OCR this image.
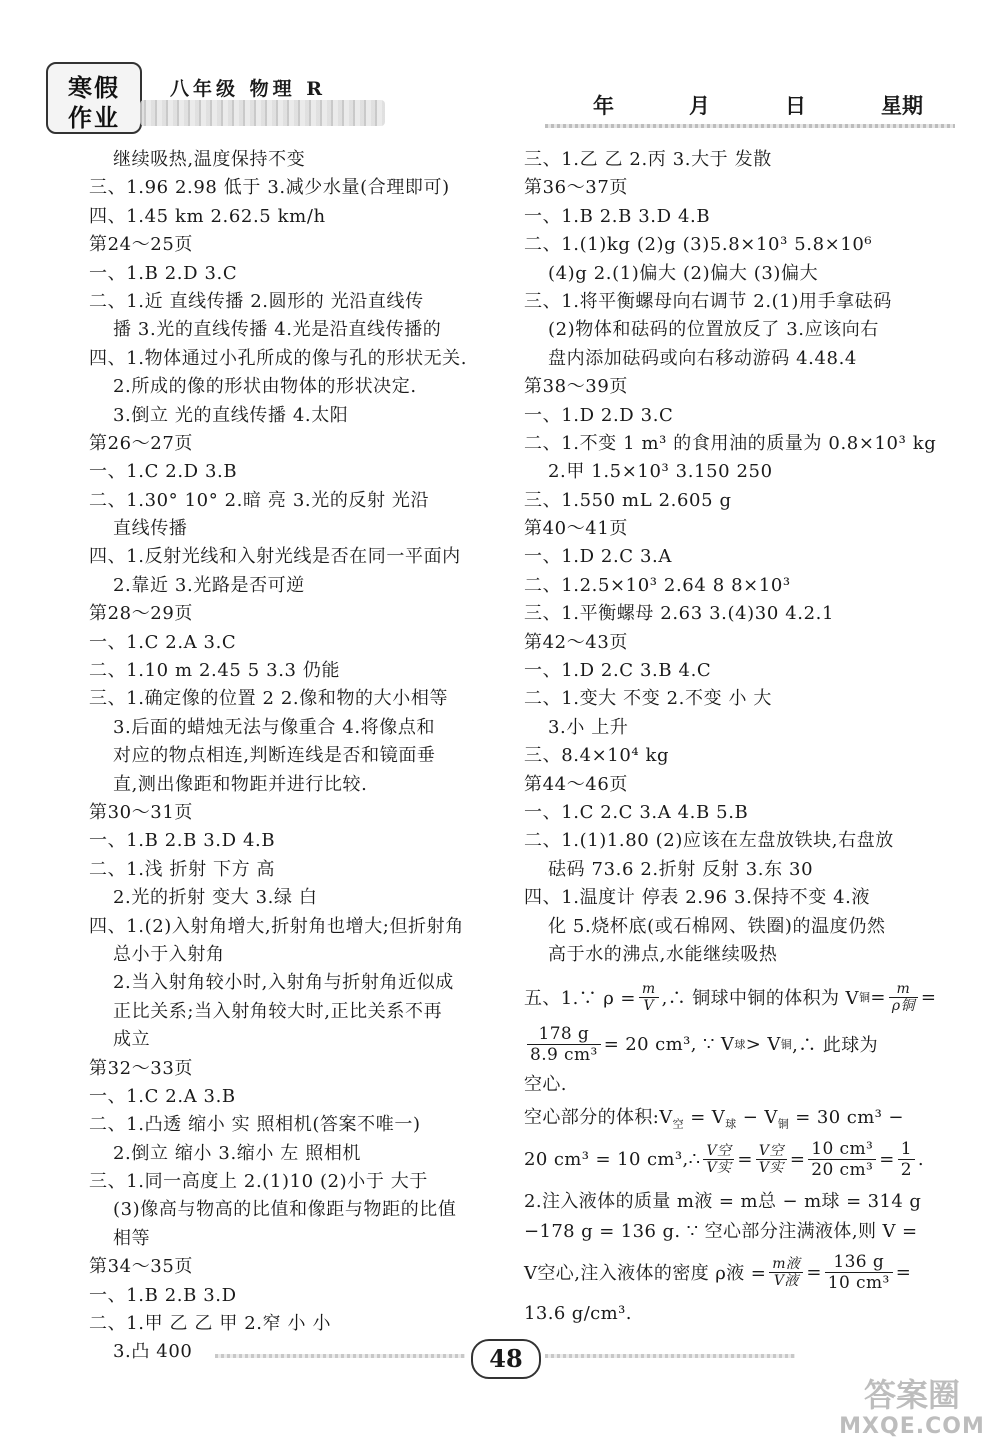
寒假
作业
八年级 物理 R
年	月	日	星期
继续吸热,温度保持不变
三、1.96 2.98 低于 3.减少水量(合理即可)
四、1.45 km 2.62.5 km/h
第24～25页
一、1.B 2.D 3.C
二、1.近 直线传播 2.圆形的 光沿直线传
播 3.光的直线传播 4.光是沿直线传播的
四、1.物体通过小孔所成的像与孔的形状无关.
2.所成的像的形状由物体的形状决定.
3.倒立 光的直线传播 4.太阳
第26～27页
一、1.C 2.D 3.B
二、1.30° 10° 2.暗 亮 3.光的反射 光沿
直线传播
四、1.反射光线和入射光线是否在同一平面内
2.靠近 3.光路是否可逆
第28～29页
一、1.C 2.A 3.C
二、1.10 m 2.45 5 3.3 仍能
三、1.确定像的位置 2 2.像和物的大小相等
3.后面的蜡烛无法与像重合 4.将像点和
对应的物点相连,判断连线是否和镜面垂
直,测出像距和物距并进行比较.
第30～31页
一、1.B 2.B 3.D 4.B
二、1.浅 折射 下方 高
2.光的折射 变大 3.绿 白
四、1.(2)入射角增大,折射角也增大;但折射角
总小于入射角
2.当入射角较小时,入射角与折射角近似成
正比关系;当入射角较大时,正比关系不再
成立
第32～33页
一、1.C 2.A 3.B
二、1.凸透 缩小 实 照相机(答案不唯一)
2.倒立 缩小 3.缩小 左 照相机
三、1.同一高度上 2.(1)10 (2)小于 大于
(3)像高与物高的比值和像距与物距的比值
相等
第34～35页
一、1.B 2.B 3.D
二、1.甲 乙 乙 甲 2.窄 小 小
3.凸 400
三、1.乙 乙 2.丙 3.大于 发散
第36～37页
一、1.B 2.B 3.D 4.B
二、1.(1)kg (2)g (3)5.8×10³ 5.8×10⁶
(4)g 2.(1)偏大 (2)偏大 (3)偏大
三、1.将平衡螺母向右调节 2.(1)用手拿砝码
(2)物体和砝码的位置放反了 3.应该向右
盘内添加砝码或向右移动游码 4.48.4
第38～39页
一、1.D 2.D 3.C
二、1.不变 1 m³ 的食用油的质量为 0.8×10³ kg
2.甲 1.5×10³ 3.150 250
三、1.550 mL 2.605 g
第40～41页
一、1.D 2.C 3.A
二、1.2.5×10³ 2.64 8 8×10³
三、1.平衡螺母 2.63 3.(4)30 4.2.1
第42～43页
一、1.D 2.C 3.B 4.C
二、1.变大 不变 2.不变 小 大
3.小 上升
三、8.4×10⁴ kg
第44～46页
一、1.C 2.C 3.A 4.B 5.B
二、1.(1)1.80 (2)应该在左盘放铁块,右盘放
砝码 73.6 2.折射 反射 3.东 30
四、1.温度计 停表 2.96 3.保持不变 4.液
化 5.烧杯底(或石棉网、铁圈)的温度仍然
高于水的沸点,水能继续吸热
五、1.∵ $\rho = \frac{m}{V}$ ,∴ 铜球中铜的体积为 V 铜 = $\frac{m}{\text{ρ铜}}$ =
$\frac{178 g}{\text{8.9 cm³}} = 20$ cm³, ∵ V 球 > V 铜 ,∴ 此球为
空心.
空心部分的体积$:V_空 = V_球 - V_铜 = 30$ cm³ −
20 cm³ = 10 cm³,∴ $\frac{\text{V空}}{\text{V实}} = \frac{\text{V空}}{\text{V实}} = \frac{\text{10 cm³}}{\text{20 cm³}} = \frac{1}{2}$ .
2.注入液体的质量 m液 = m总 − m球 = 314 g
−178 g = 136 g. ∵ 空心部分注满液体,则 V =
V空心,注入液体的密度 ρ液 = $\frac{\text{m液}}{\text{V液}} = \frac{136 g}{\text{10 cm³}}$ =
13.6 g/cm³.
48
答案圈
MXQE.COM
